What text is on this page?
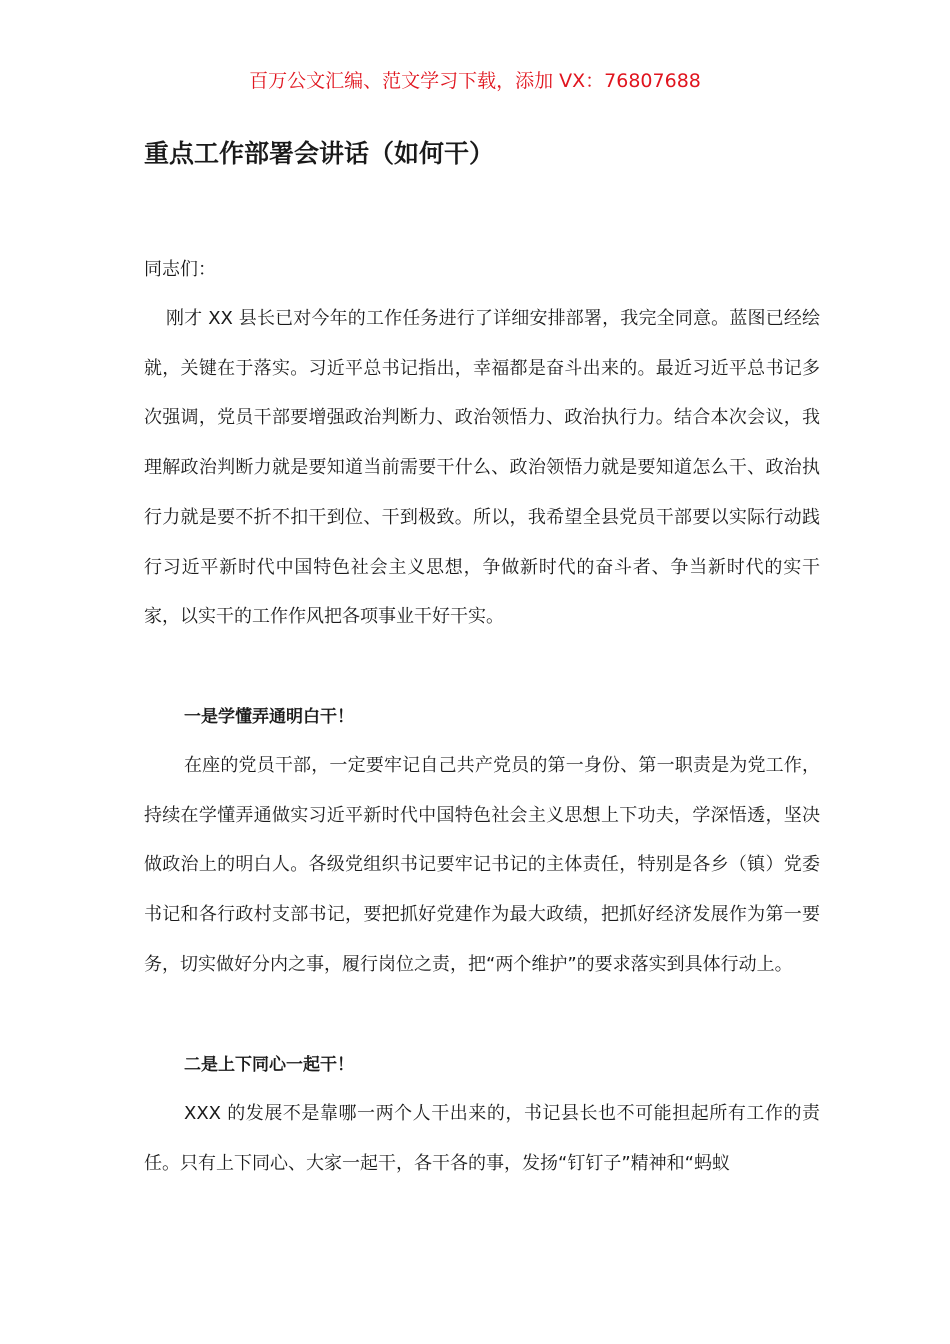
百万公文汇编、范文学习下载，添加 VX：76807688
重点工作部署会讲话（如何干）
同志们：
刚才 XX 县长已对今年的工作任务进行了详细安排部署，我完全同意。蓝图已经绘就，关键在于落实。习近平总书记指出，幸福都是奋斗出来的。最近习近平总书记多次强调，党员干部要增强政治判断力、政治领悟力、政治执行力。结合本次会议，我理解政治判断力就是要知道当前需要干什么、政治领悟力就是要知道怎么干、政治执行力就是要不折不扣干到位、干到极致。所以，我希望全县党员干部要以实际行动践行习近平新时代中国特色社会主义思想，争做新时代的奋斗者、争当新时代的实干家，以实干的工作作风把各项事业干好干实。
一是学懂弄通明白干！
在座的党员干部，一定要牢记自己共产党员的第一身份、第一职责是为党工作，持续在学懂弄通做实习近平新时代中国特色社会主义思想上下功夫，学深悟透，坚决做政治上的明白人。各级党组织书记要牢记书记的主体责任，特别是各乡（镇）党委书记和各行政村支部书记，要把抓好党建作为最大政绩，把抓好经济发展作为第一要务，切实做好分内之事，履行岗位之责，把“两个维护”的要求落实到具体行动上。
二是上下同心一起干！
XXX 的发展不是靠哪一两个人干出来的，书记县长也不可能担起所有工作的责任。只有上下同心、大家一起干，各干各的事，发扬“钉钉子”精神和“蚂蚁
